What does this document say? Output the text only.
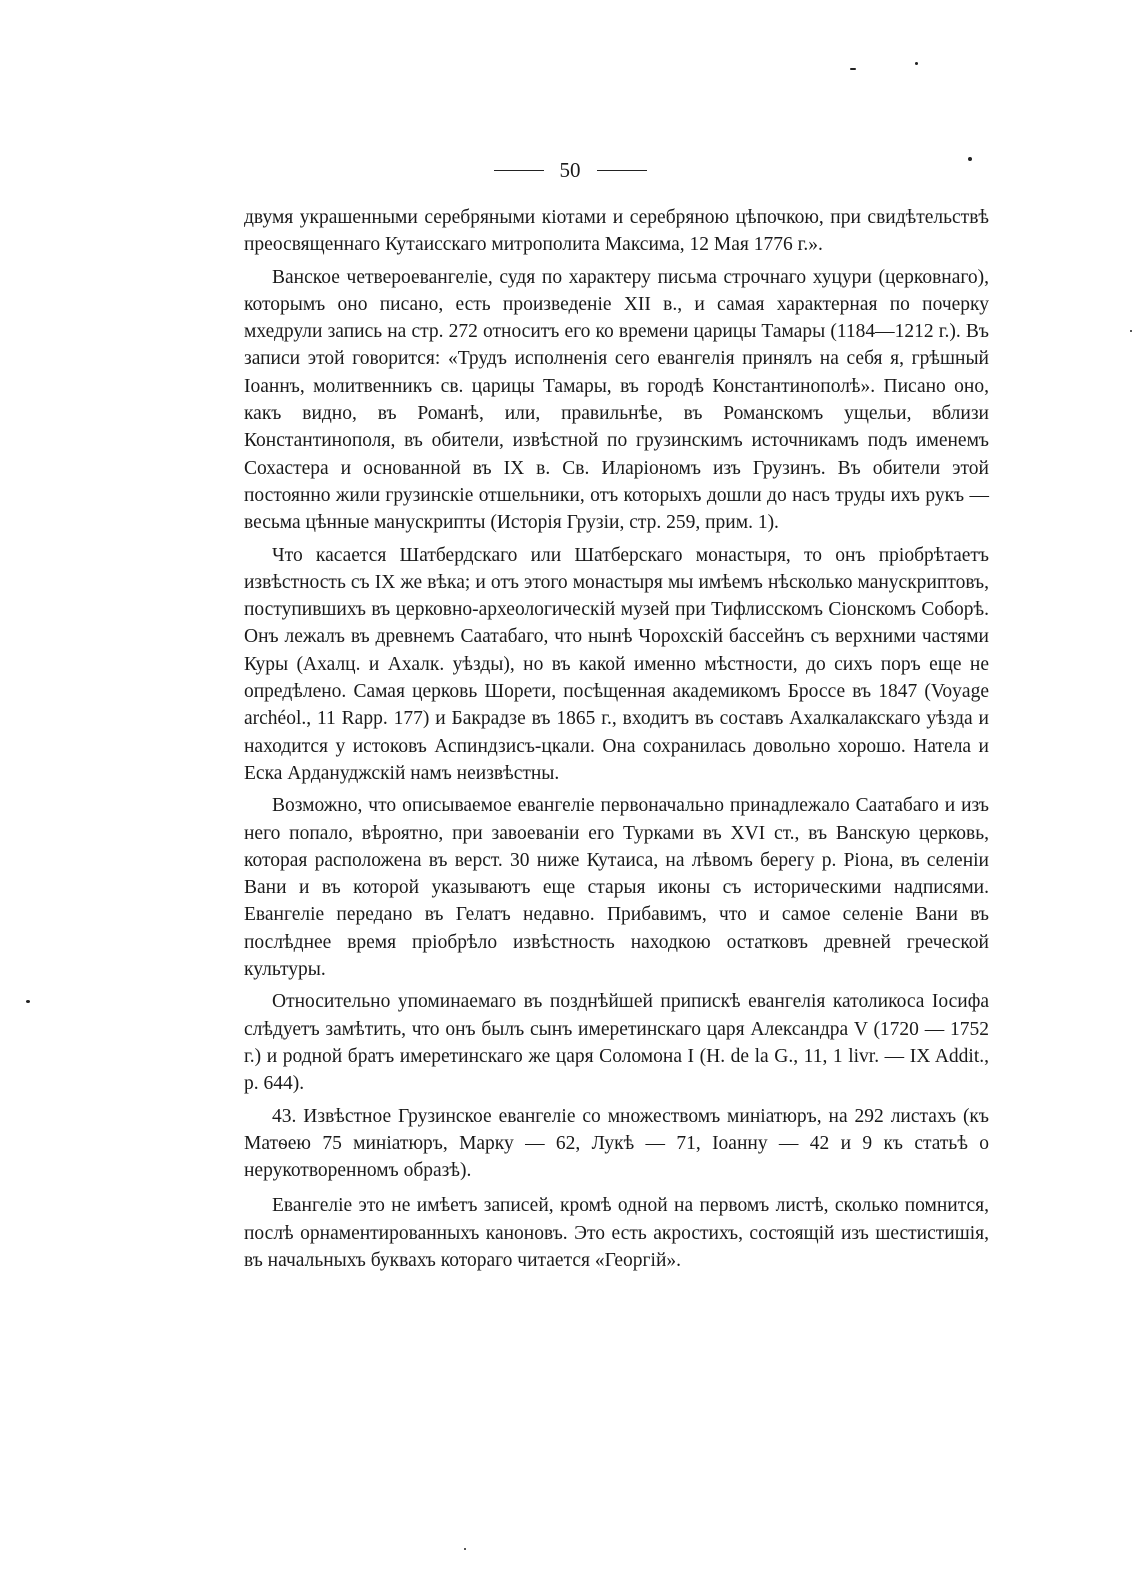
50

двумя украшенными серебряными кіотами и серебряною цѣпочкою, при свидѣтельствѣ преосвященнаго Кутаисскаго митрополита Максима, 12 Мая 1776 г.».

Ванское четвероевангеліе, судя по характеру письма строчнаго хуцури (церковнаго), которымъ оно писано, есть произведеніе XII в., и самая характерная по почерку мхедрули запись на стр. 272 относитъ его ко времени царицы Тамары (1184—1212 г.). Въ записи этой говорится: «Трудъ исполненія сего евангелія принялъ на себя я, грѣшный Іоаннъ, молитвенникъ св. царицы Тамары, въ городѣ Константинополѣ». Писано оно, какъ видно, въ Романѣ, или, правильнѣе, въ Романскомъ ущельи, вблизи Константинополя, въ обители, извѣстной по грузинскимъ источникамъ подъ именемъ Сохастера и основанной въ IX в. Св. Иларіономъ изъ Грузинъ. Въ обители этой постоянно жили грузинскіе отшельники, отъ которыхъ дошли до насъ труды ихъ рукъ — весьма цѣнные манускрипты (Исторія Грузіи, стр. 259, прим. 1).

Что касается Шатбердскаго или Шатберскаго монастыря, то онъ пріобрѣтаетъ извѣстность съ IX же вѣка; и отъ этого монастыря мы имѣемъ нѣсколько манускриптовъ, поступившихъ въ церковно-археологическій музей при Тифлисскомъ Сіонскомъ Соборѣ. Онъ лежалъ въ древнемъ Саатабаго, что нынѣ Чорохскій бассейнъ съ верхними частями Куры (Ахалц. и Ахалк. уѣзды), но въ какой именно мѣстности, до сихъ поръ еще не опредѣлено. Самая церковь Шорети, посѣщенная академикомъ Броссе въ 1847 (Voyage archéol., 11 Rapp. 177) и Бакрадзе въ 1865 г., входитъ въ составъ Ахалкалакскаго уѣзда и находится у истоковъ Аспиндзисъ-цкали. Она сохранилась довольно хорошо. Натела и Еска Ардануджскій намъ неизвѣстны.

Возможно, что описываемое евангеліе первоначально принадлежало Саатабаго и изъ него попало, вѣроятно, при завоеваніи его Турками въ XVI ст., въ Ванскую церковь, которая расположена въ верст. 30 ниже Кутаиса, на лѣвомъ берегу р. Ріона, въ селеніи Вани и въ которой указываютъ еще старыя иконы съ историческими надписями. Евангеліе передано въ Гелатъ недавно. Прибавимъ, что и самое селеніе Вани въ послѣднее время пріобрѣло извѣстность находкою остатковъ древней греческой культуры.

Относительно упоминаемаго въ позднѣйшей припискѣ евангелія католикоса Іосифа слѣдуетъ замѣтить, что онъ былъ сынъ имеретинскаго царя Александра V (1720 — 1752 г.) и родной братъ имеретинскаго же царя Соломона I (H. de la G., 11, 1 livr. — IX Addit., p. 644).

43. Извѣстное Грузинское евангеліе со множествомъ миніатюръ, на 292 листахъ (къ Матѳею 75 миніатюръ, Марку — 62, Лукѣ — 71, Іоанну — 42 и 9 къ статьѣ о нерукотворенномъ образѣ).

Евангеліе это не имѣетъ записей, кромѣ одной на первомъ листѣ, сколько помнится, послѣ орнаментированныхъ каноновъ. Это есть акростихъ, состоящій изъ шестистишія, въ начальныхъ буквахъ котораго читается «Георгій».
